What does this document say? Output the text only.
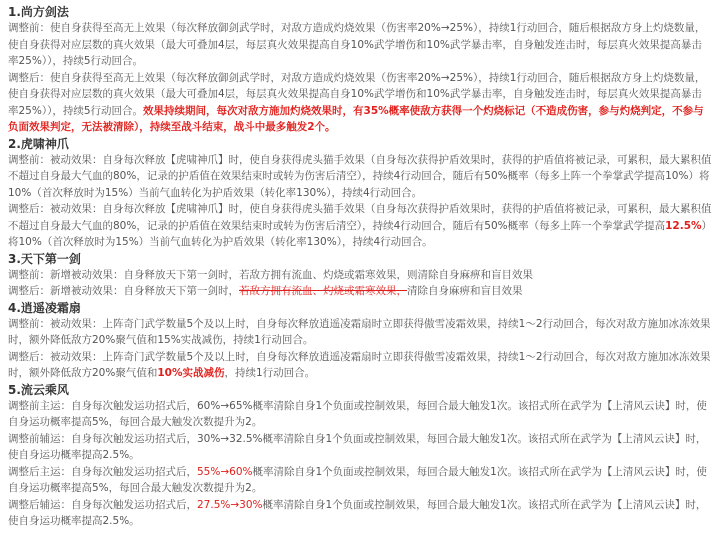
1.尚方剑法
调整前：使自身获得至高无上效果（每次释放御剑武学时，对敌方造成灼烧效果（伤害率20%→25%），持续1行动回合，随后根据敌方身上灼烧数量，使自身获得对应层数的真火效果（最大可叠加4层，每层真火效果提高自身10%武学增伤和10%武学暴击率，自身触发连击时，每层真火效果提高暴击率25%）），持续5行动回合。
调整后：使自身获得至高无上效果（每次释放御剑武学时，对敌方造成灼烧效果（伤害率20%→25%），持续1行动回合，随后根据敌方身上灼烧数量，使自身获得对应层数的真火效果（最大可叠加4层，每层真火效果提高自身10%武学增伤和10%武学暴击率，自身触发连击时，每层真火效果提高暴击率25%）），持续5行动回合。效果持续期间，每次对敌方施加灼烧效果时，有35%概率使敌方获得一个灼烧标记（不造成伤害，参与灼烧判定，不参与负面效果判定，无法被清除），持续至战斗结束，战斗中最多触发2个。
2.虎啸神爪
调整前：被动效果：自身每次释放【虎啸神爪】时，使自身获得虎头猫手效果（自身每次获得护盾效果时，获得的护盾值将被记录，可累积，最大累积值不超过自身最大气血的80%，记录的护盾值在效果结束时或转为伤害后清空），持续4行动回合，随后有50%概率（每多上阵一个拳掌武学提高10%）将10%（首次释放时为15%）当前气血转化为护盾效果（转化率130%），持续4行动回合。
调整后：被动效果：自身每次释放【虎啸神爪】时，使自身获得虎头猫手效果（自身每次获得护盾效果时，获得的护盾值将被记录，可累积，最大累积值不超过自身最大气血的80%，记录的护盾值在效果结束时或转为伤害后清空），持续4行动回合，随后有50%概率（每多上阵一个拳掌武学提高12.5%）将10%（首次释放时为15%）当前气血转化为护盾效果（转化率130%），持续4行动回合。
3.天下第一剑
调整前：新增被动效果：自身释放天下第一剑时，若敌方拥有流血、灼烧或霜寒效果，则清除自身麻痹和盲目效果
调整后：新增被动效果：自身释放天下第一剑时，若敌方拥有流血、灼烧或霜寒效果，清除自身麻痹和盲目效果
4.逍遥凌霜扇
调整前：被动效果：上阵奇门武学数量5个及以上时，自身每次释放逍遥凌霜扇时立即获得傲雪凌霜效果，持续1～2行动回合，每次对敌方施加冰冻效果时，额外降低敌方20%聚气值和15%实战减伤，持续1行动回合。
调整后：被动效果：上阵奇门武学数量5个及以上时，自身每次释放逍遥凌霜扇时立即获得傲雪凌霜效果，持续1～2行动回合，每次对敌方施加冰冻效果时，额外降低敌方20%聚气值和10%实战减伤，持续1行动回合。
5.流云乘风
调整前主运：自身每次触发运功招式后，60%→65%概率清除自身1个负面或控制效果，每回合最大触发1次。该招式所在武学为【上清风云诀】时，使自身运功概率提高5%，每回合最大触发次数提升为2。
调整前辅运：自身每次触发运功招式后，30%→32.5%概率清除自身1个负面或控制效果，每回合最大触发1次。该招式所在武学为【上清风云诀】时，使自身运功概率提高2.5%。
调整后主运：自身每次触发运功招式后，55%→60%概率清除自身1个负面或控制效果，每回合最大触发1次。该招式所在武学为【上清风云诀】时，使自身运功概率提高5%，每回合最大触发次数提升为2。
调整后辅运：自身每次触发运功招式后，27.5%→30%概率清除自身1个负面或控制效果，每回合最大触发1次。该招式所在武学为【上清风云诀】时，使自身运功概率提高2.5%。
